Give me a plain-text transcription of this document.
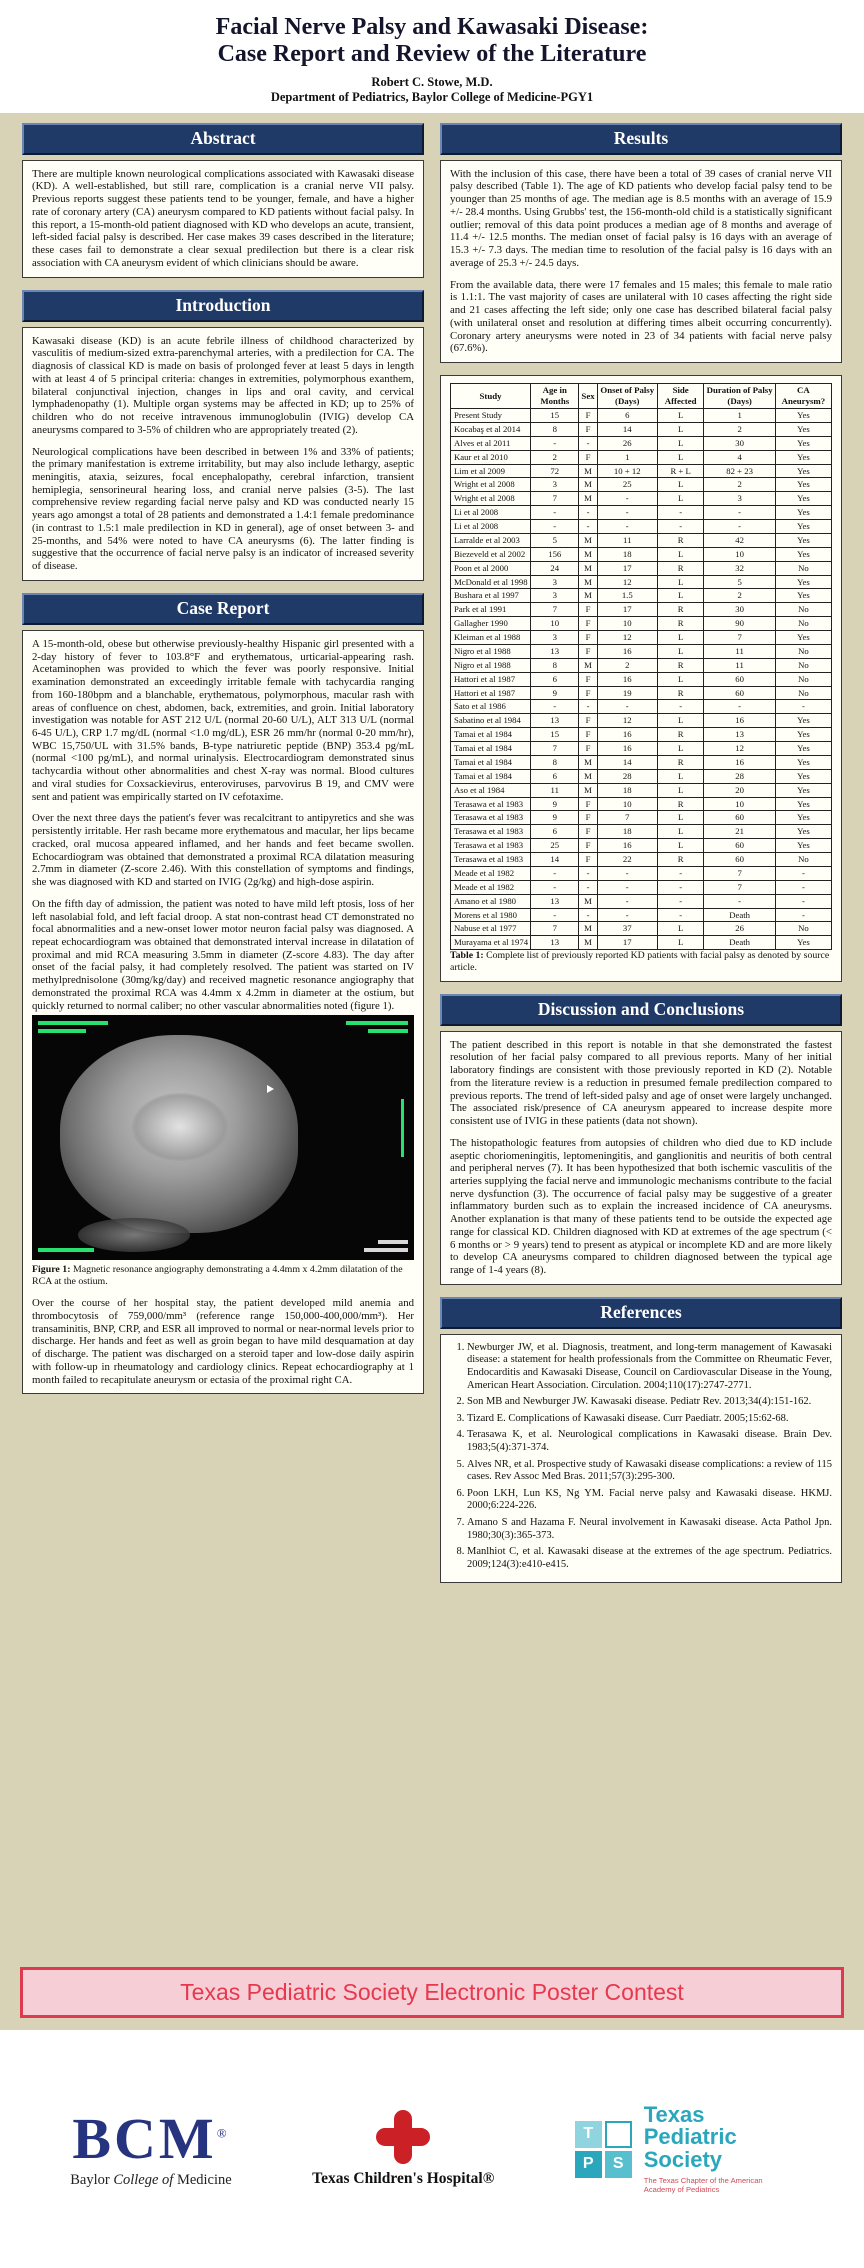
Facial Nerve Palsy and Kawasaki Disease:
Case Report and Review of the Literature
Robert C. Stowe, M.D.
Department of Pediatrics, Baylor College of Medicine-PGY1
Abstract

There are multiple known neurological complications associated with Kawasaki disease (KD). A well-established, but still rare, complication is a cranial nerve VII palsy. Previous reports suggest these patients tend to be younger, female, and have a higher rate of coronary artery (CA) aneurysm compared to KD patients without facial palsy. In this report, a 15-month-old patient diagnosed with KD who develops an acute, transient, left-sided facial palsy is described. Her case makes 39 cases described in the literature; these cases fail to demonstrate a clear sexual predilection but there is a clear risk association with CA aneurysm evident of which clinicians should be aware.

Introduction

Kawasaki disease (KD) is an acute febrile illness of childhood characterized by vasculitis of medium-sized extra-parenchymal arteries, with a predilection for CA. The diagnosis of classical KD is made on basis of prolonged fever at least 5 days in length with at least 4 of 5 principal criteria: changes in extremities, polymorphous exanthem, bilateral conjunctival injection, changes in lips and oral cavity, and cervical lymphadenopathy (1). Multiple organ systems may be affected in KD; up to 25% of children who do not receive intravenous immunoglobulin (IVIG) develop CA aneurysms compared to 3-5% of children who are appropriately treated (2).

Neurological complications have been described in between 1% and 33% of patients; the primary manifestation is extreme irritability, but may also include lethargy, aseptic meningitis, ataxia, seizures, focal encephalopathy, cerebral infarction, transient hemiplegia, sensorineural hearing loss, and cranial nerve palsies (3-5). The last comprehensive review regarding facial nerve palsy and KD was conducted nearly 15 years ago amongst a total of 28 patients and demonstrated a 1.4:1 female predominance (in contrast to 1.5:1 male predilection in KD in general), age of onset between 3- and 25-months, and 54% were noted to have CA aneurysms (6). The latter finding is suggestive that the occurrence of facial nerve palsy is an indicator of increased severity of disease.

Case Report

A 15-month-old, obese but otherwise previously-healthy Hispanic girl presented with a 2-day history of fever to 103.8°F and erythematous, urticarial-appearing rash. Acetaminophen was provided to which the fever was poorly responsive. Initial examination demonstrated an exceedingly irritable female with tachycardia ranging from 160-180bpm and a blanchable, erythematous, polymorphous, macular rash with areas of confluence on chest, abdomen, back, extremities, and groin. Initial laboratory investigation was notable for AST 212 U/L (normal 20-60 U/L), ALT 313 U/L (normal 6-45 U/L), CRP 1.7 mg/dL (normal <1.0 mg/dL), ESR 26 mm/hr (normal 0-20 mm/hr), WBC 15,750/UL with 31.5% bands, B-type natriuretic peptide (BNP) 353.4 pg/mL (normal <100 pg/mL), and normal urinalysis. Electrocardiogram demonstrated sinus tachycardia without other abnormalities and chest X-ray was normal. Blood cultures and viral studies for Coxsackievirus, enteroviruses, parvovirus B 19, and CMV were sent and patient was empirically started on IV cefotaxime.

Over the next three days the patient's fever was recalcitrant to antipyretics and she was persistently irritable. Her rash became more erythematous and macular, her lips became cracked, oral mucosa appeared inflamed, and her hands and feet became swollen. Echocardiogram was obtained that demonstrated a proximal RCA dilatation measuring 2.7mm in diameter (Z-score 2.46). With this constellation of symptoms and findings, she was diagnosed with KD and started on IVIG (2g/kg) and high-dose aspirin.

On the fifth day of admission, the patient was noted to have mild left ptosis, loss of her left nasolabial fold, and left facial droop. A stat non-contrast head CT demonstrated no focal abnormalities and a new-onset lower motor neuron facial palsy was diagnosed. A repeat echocardiogram was obtained that demonstrated interval increase in dilatation of proximal and mid RCA measuring 3.5mm in diameter (Z-score 4.83). The day after onset of the facial palsy, it had completely resolved. The patient was started on IV methylprednisolone (30mg/kg/day) and received magnetic resonance angiography that demonstrated the proximal RCA was 4.4mm x 4.2mm in diameter at the ostium, but quickly returned to normal caliber; no other vascular abnormalities noted (figure 1).

Figure 1: Magnetic resonance angiography demonstrating a 4.4mm x 4.2mm dilatation of the RCA at the ostium.

Over the course of her hospital stay, the patient developed mild anemia and thrombocytosis of 759,000/mm³ (reference range 150,000-400,000/mm³). Her transaminitis, BNP, CRP, and ESR all improved to normal or near-normal levels prior to discharge. Her hands and feet as well as groin began to have mild desquamation at day of discharge. The patient was discharged on a steroid taper and low-dose daily aspirin with follow-up in rheumatology and cardiology clinics. Repeat echocardiography at 1 month failed to recapitulate aneurysm or ectasia of the proximal right CA.

Results

With the inclusion of this case, there have been a total of 39 cases of cranial nerve VII palsy described (Table 1). The age of KD patients who develop facial palsy tend to be younger than 25 months of age. The median age is 8.5 months with an average of 15.9 +/- 28.4 months. Using Grubbs' test, the 156-month-old child is a statistically significant outlier; removal of this data point produces a median age of 8 months and average of 11.4 +/- 12.5 months. The median onset of facial palsy is 16 days with an average of 15.3 +/- 7.3 days. The median time to resolution of the facial palsy is 16 days with an average of 25.3 +/- 24.5 days.

From the available data, there were 17 females and 15 males; this female to male ratio is 1.1:1. The vast majority of cases are unilateral with 10 cases affecting the right side and 21 cases affecting the left side; only one case has described bilateral facial palsy (with unilateral onset and resolution at differing times albeit occurring concurrently). Coronary artery aneurysms were noted in 23 of 34 patients with facial nerve palsy (67.6%).

Study	Age in Months	Sex	Onset of Palsy (Days)	Side Affected	Duration of Palsy (Days)	CA Aneurysm?
Present Study	15	F	6	L	1	Yes
Kocabaş et al 2014	8	F	14	L	2	Yes
Alves et al 2011	-	-	26	L	30	Yes
Kaur et al 2010	2	F	1	L	4	Yes
Lim et al 2009	72	M	10 + 12	R + L	82 + 23	Yes
Wright et al 2008	3	M	25	L	2	Yes
Wright et al 2008	7	M	-	L	3	Yes
Li et al 2008	-	-	-	-	-	Yes
Li et al 2008	-	-	-	-	-	Yes
Larralde et al 2003	5	M	11	R	42	Yes
Biezeveld et al 2002	156	M	18	L	10	Yes
Poon et al 2000	24	M	17	R	32	No
McDonald et al 1998	3	M	12	L	5	Yes
Bushara et al 1997	3	M	1.5	L	2	Yes
Park et al 1991	7	F	17	R	30	No
Gallagher 1990	10	F	10	R	90	No
Kleiman et al 1988	3	F	12	L	7	Yes
Nigro et al 1988	13	F	16	L	11	No
Nigro et al 1988	8	M	2	R	11	No
Hattori et al 1987	6	F	16	L	60	No
Hattori et al 1987	9	F	19	R	60	No
Sato et al 1986	-	-	-	-	-	-
Sabatino et al 1984	13	F	12	L	16	Yes
Tamai et al 1984	15	F	16	R	13	Yes
Tamai et al 1984	7	F	16	L	12	Yes
Tamai et al 1984	8	M	14	R	16	Yes
Tamai et al 1984	6	M	28	L	28	Yes
Aso et al 1984	11	M	18	L	20	Yes
Terasawa et al 1983	9	F	10	R	10	Yes
Terasawa et al 1983	9	F	7	L	60	Yes
Terasawa et al 1983	6	F	18	L	21	Yes
Terasawa et al 1983	25	F	16	L	60	Yes
Terasawa et al 1983	14	F	22	R	60	No
Meade et al 1982	-	-	-	-	7	-
Meade et al 1982	-	-	-	-	7	-
Amano et al 1980	13	M	-	-	-	-
Morens et al 1980	-	-	-	-	Death	-
Nabuse et al 1977	7	M	37	L	26	No
Murayama et al 1974	13	M	17	L	Death	Yes

Table 1: Complete list of previously reported KD patients with facial palsy as denoted by source article.

Discussion and Conclusions

The patient described in this report is notable in that she demonstrated the fastest resolution of her facial palsy compared to all previous reports. Many of her initial laboratory findings are consistent with those previously reported in KD (2). Notable from the literature review is a reduction in presumed female predilection compared to previous reports. The trend of left-sided palsy and age of onset were largely unchanged. The associated risk/presence of CA aneurysm appeared to increase despite more consistent use of IVIG in these patients (data not shown).

The histopathologic features from autopsies of children who died due to KD include aseptic choriomeningitis, leptomeningitis, and ganglionitis and neuritis of both central and peripheral nerves (7). It has been hypothesized that both ischemic vasculitis of the arteries supplying the facial nerve and immunologic mechanisms contribute to the facial nerve dysfunction (3). The occurrence of facial palsy may be suggestive of a greater inflammatory burden such as to explain the increased incidence of CA aneurysms. Another explanation is that many of these patients tend to be outside the expected age range for classical KD. Children diagnosed with KD at extremes of the age spectrum (< 6 months or > 9 years) tend to present as atypical or incomplete KD and are more likely to develop CA aneurysms compared to children diagnosed between the typical age range of 1-4 years (8).

References
1. Newburger JW, et al. Diagnosis, treatment, and long-term management of Kawasaki disease: a statement for health professionals from the Committee on Rheumatic Fever, Endocarditis and Kawasaki Disease, Council on Cardiovascular Disease in the Young, American Heart Association. Circulation. 2004;110(17):2747-2771.
2. Son MB and Newburger JW. Kawasaki disease. Pediatr Rev. 2013;34(4):151-162.
3. Tizard E. Complications of Kawasaki disease. Curr Paediatr. 2005;15:62-68.
4. Terasawa K, et al. Neurological complications in Kawasaki disease. Brain Dev. 1983;5(4):371-374.
5. Alves NR, et al. Prospective study of Kawasaki disease complications: a review of 115 cases. Rev Assoc Med Bras. 2011;57(3):295-300.
6. Poon LKH, Lun KS, Ng YM. Facial nerve palsy and Kawasaki disease. HKMJ. 2000;6:224-226.
7. Amano S and Hazama F. Neural involvement in Kawasaki disease. Acta Pathol Jpn. 1980;30(3):365-373.
8. Manlhiot C, et al. Kawasaki disease at the extremes of the age spectrum. Pediatrics. 2009;124(3):e410-e415.
Texas Pediatric Society Electronic Poster Contest
BCM®
Baylor College of Medicine	Texas Children's Hospital®
T
P	S
Texas
Pediatric
Society
The Texas Chapter of the American Academy of Pediatrics
